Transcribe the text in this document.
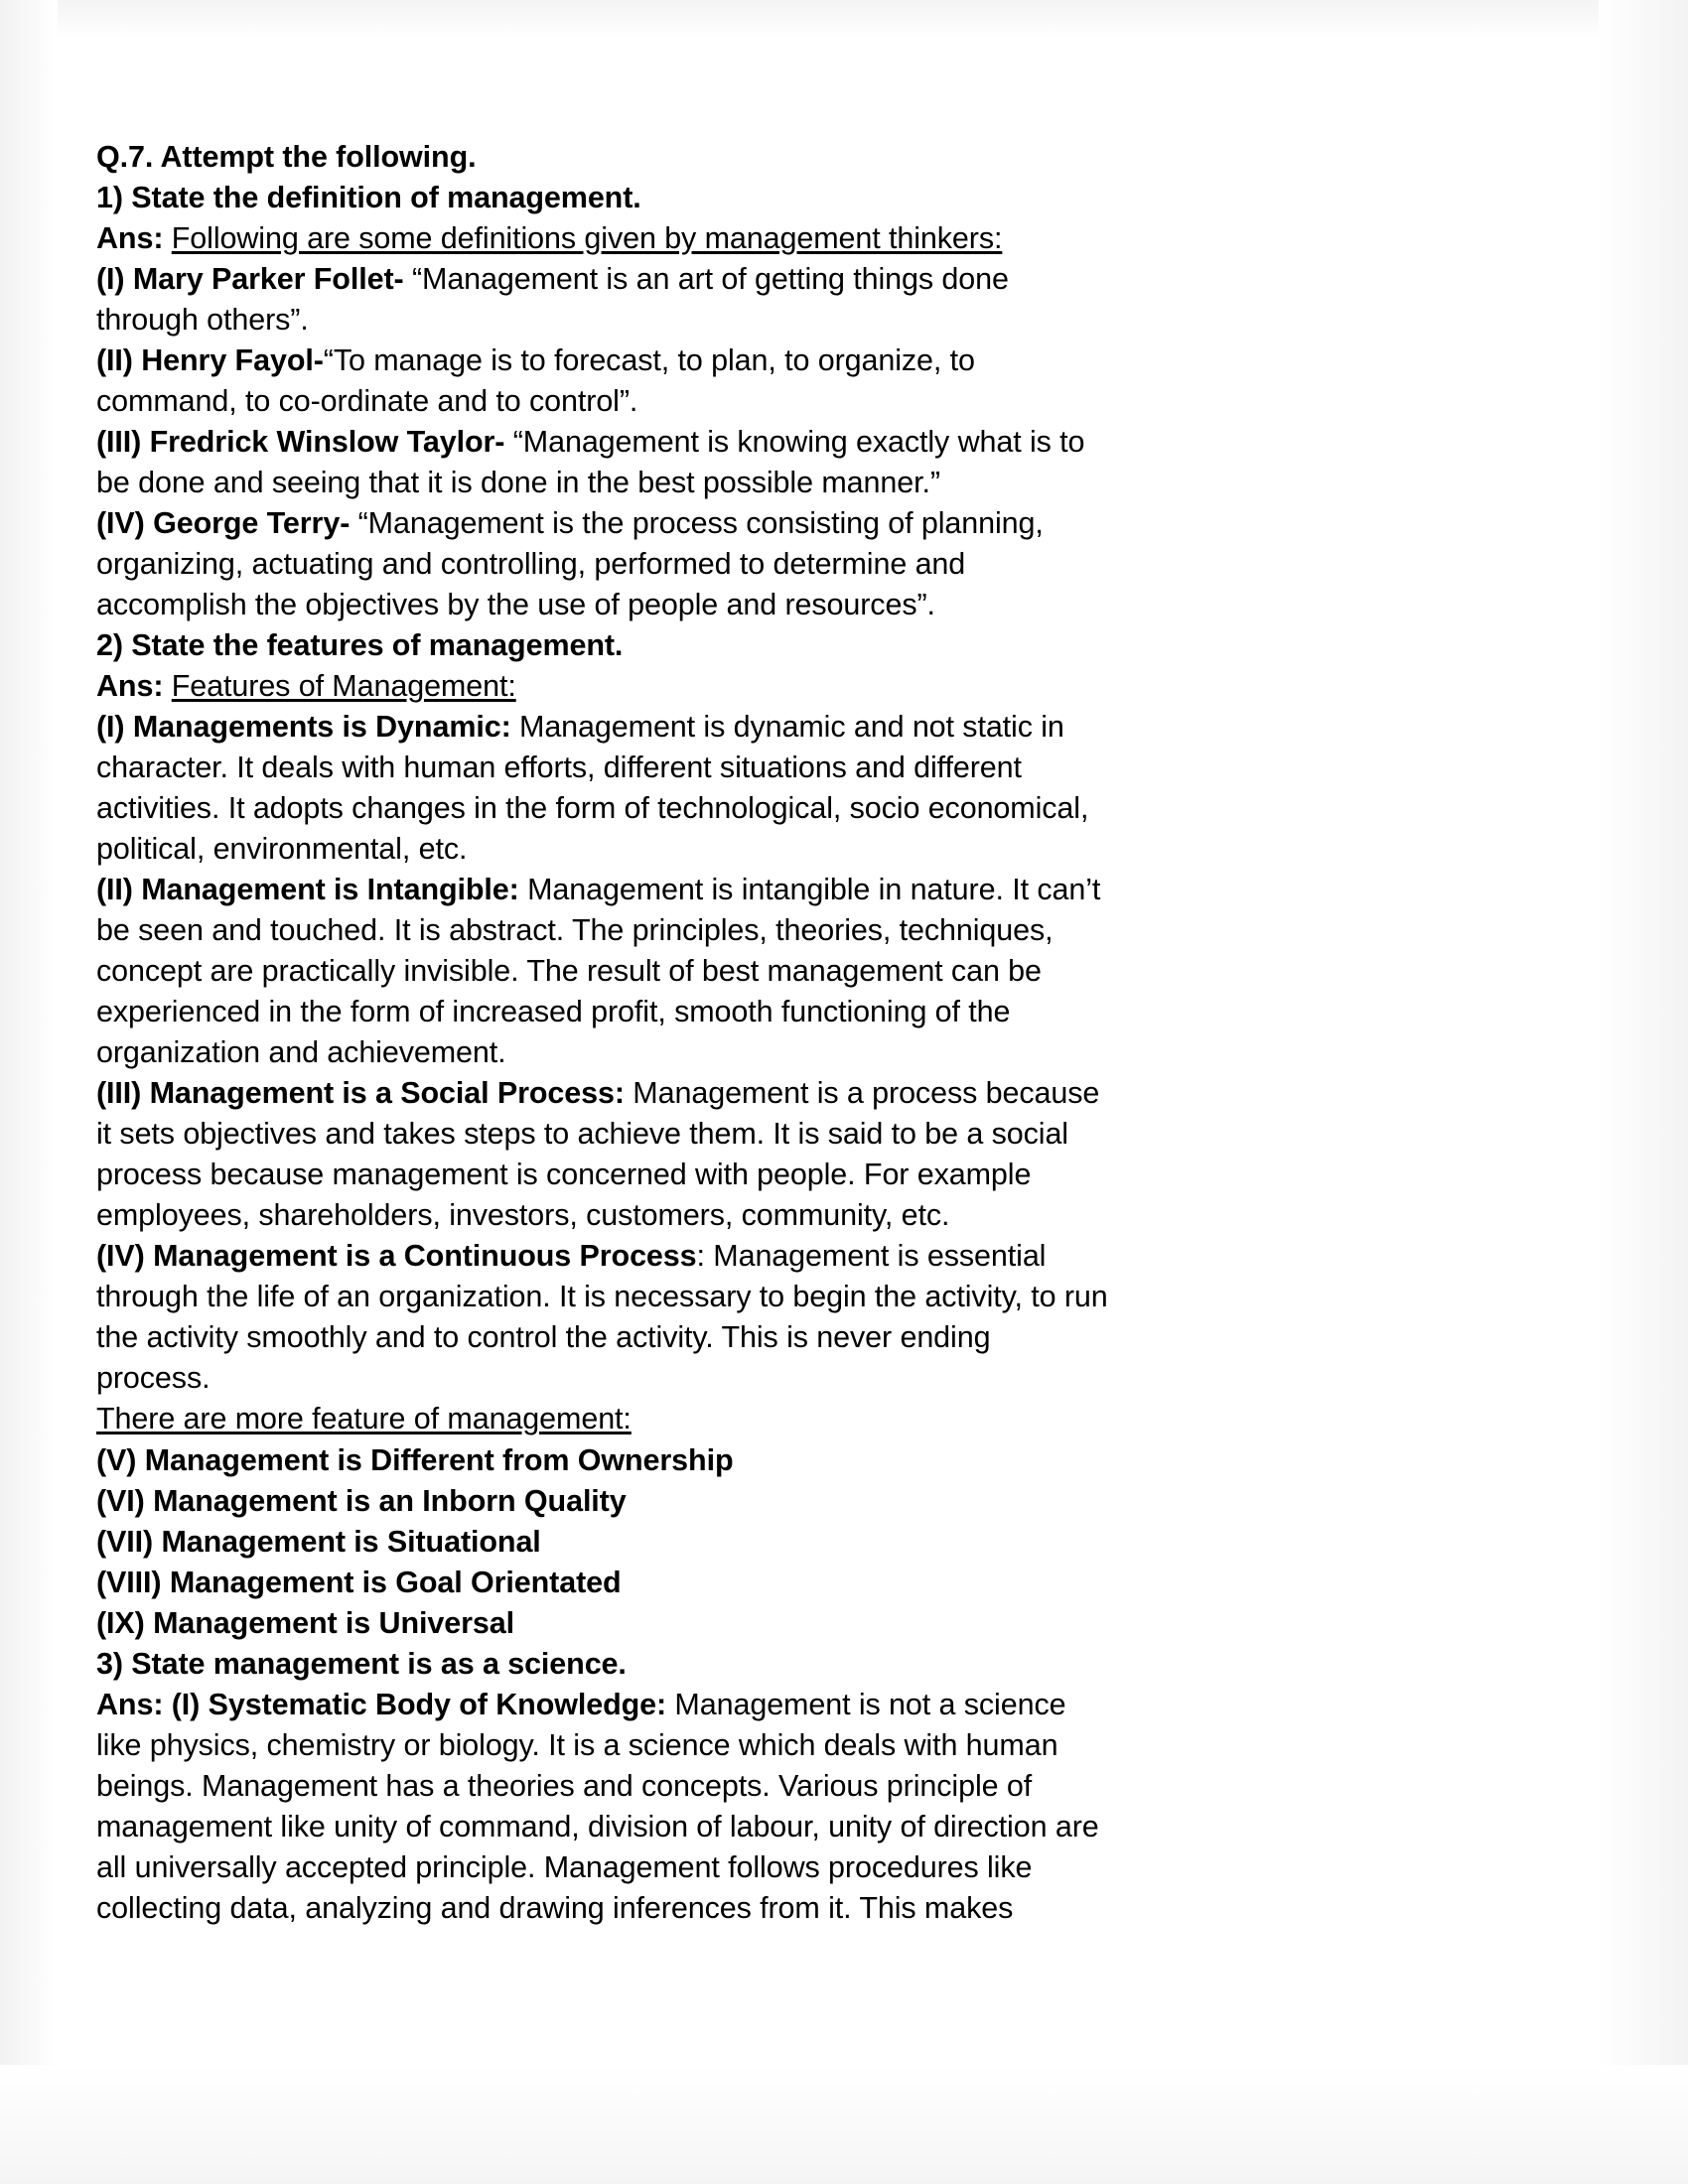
Q.7. Attempt the following.

1) State the definition of management.

Ans: Following are some definitions given by management thinkers:

(I) Mary Parker Follet- “Management is an art of getting things done through others”.

(II) Henry Fayol-“To manage is to forecast, to plan, to organize, to command, to co-ordinate and to control”.

(III) Fredrick Winslow Taylor- “Management is knowing exactly what is to be done and seeing that it is done in the best possible manner.”

(IV) George Terry- “Management is the process consisting of planning, organizing, actuating and controlling, performed to determine and accomplish the objectives by the use of people and resources”.

2) State the features of management.

Ans: Features of Management:

(I) Managements is Dynamic: Management is dynamic and not static in character. It deals with human efforts, different situations and different activities. It adopts changes in the form of technological, socio economical, political, environmental, etc.

(II) Management is Intangible: Management is intangible in nature. It can’t be seen and touched. It is abstract. The principles, theories, techniques, concept are practically invisible. The result of best management can be experienced in the form of increased profit, smooth functioning of the organization and achievement.

(III) Management is a Social Process: Management is a process because it sets objectives and takes steps to achieve them. It is said to be a social process because management is concerned with people. For example employees, shareholders, investors, customers, community, etc.

(IV) Management is a Continuous Process: Management is essential through the life of an organization. It is necessary to begin the activity, to run the activity smoothly and to control the activity. This is never ending process.

There are more feature of management:

(V) Management is Different from Ownership

(VI) Management is an Inborn Quality

(VII) Management is Situational

(VIII) Management is Goal Orientated

(IX) Management is Universal

3) State management is as a science.

Ans: (I) Systematic Body of Knowledge: Management is not a science like physics, chemistry or biology. It is a science which deals with human beings. Management has a theories and concepts. Various principle of management like unity of command, division of labour, unity of direction are all universally accepted principle. Management follows procedures like collecting data, analyzing and drawing inferences from it. This makes
